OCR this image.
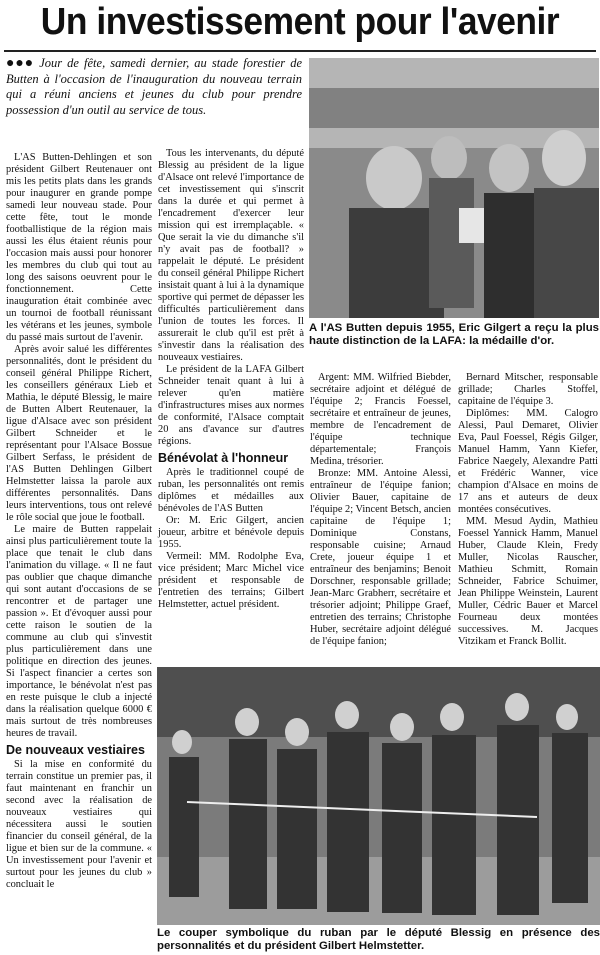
Un investissement pour l'avenir
●●● Jour de fête, samedi dernier, au stade forestier de Butten à l'occasion de l'inauguration du nouveau terrain qui a réuni anciens et jeunes du club pour prendre possession d'un outil au service de tous.

L'AS Butten-Dehlingen et son président Gilbert Reutenauer ont mis les petits plats dans les grands pour inaugurer en grande pompe samedi leur nouveau stade. Pour cette fête, tout le monde footballistique de la région mais aussi les élus étaient réunis pour l'occasion mais aussi pour honorer les membres du club qui tout au long des saisons oeuvrent pour le fonctionnement. Cette inauguration était combinée avec un tournoi de football réunissant les vétérans et les jeunes, symbole du passé mais surtout de l'avenir.

Après avoir salué les différentes personnalités, dont le président du conseil général Philippe Richert, les conseillers généraux Lieb et Mathia, le député Blessig, le maire de Butten Albert Reutenauer, la ligue d'Alsace avec son président Gilbert Schneider et le représentant pour l'Alsace Bossue Gilbert Serfass, le président de l'AS Butten Dehlingen Gilbert Helmstetter laissa la parole aux différentes personnalités. Dans leurs interventions, tous ont relevé le rôle social que joue le football.

Le maire de Butten rappelait ainsi plus particulièrement toute la place que tenait le club dans l'animation du village. « Il ne faut pas oublier que chaque dimanche qui sont autant d'occasions de se rencontrer et de partager une passion ». Et d'évoquer aussi pour cette raison le soutien de la commune au club qui s'investit plus particulièrement dans une politique en direction des jeunes. Si l'aspect financier a certes son importance, le bénévolat n'est pas en reste puisque le club a injecté dans la réalisation quelque 6000 € mais surtout de très nombreuses heures de travail.

De nouveaux vestiaires

Si la mise en conformité du terrain constitue un premier pas, il faut maintenant en franchir un second avec la réalisation de nouveaux vestiaires qui nécessitera aussi le soutien financier du conseil général, de la ligue et bien sur de la commune. « Un investissement pour l'avenir et surtout pour les jeunes du club » concluait le

Tous les intervenants, du député Blessig au président de la ligue d'Alsace ont relevé l'importance de cet investissement qui s'inscrit dans la durée et qui permet à l'encadrement d'exercer leur mission qui est irremplaçable. « Que serait la vie du dimanche s'il n'y avait pas de football? » rappelait le député. Le président du conseil général Philippe Richert insistait quant à lui à la dynamique sportive qui permet de dépasser les difficultés particulièrement dans l'union de toutes les forces. Il assurerait le club qu'il est prêt à s'investir dans la réalisation des nouveaux vestiaires.

Le président de la LAFA Gilbert Schneider tenait quant à lui à relever qu'en matière d'infrastructures mises aux normes de conformité, l'Alsace comptait 20 ans d'avance sur d'autres régions.

Bénévolat à l'honneur

Après le traditionnel coupé de ruban, les personnalités ont remis diplômes et médailles aux bénévoles de l'AS Butten

Or: M. Eric Gilgert, ancien joueur, arbitre et bénévole depuis 1955.

Vermeil: MM. Rodolphe Eva, vice président; Marc Michel vice président et responsable de l'entretien des terrains; Gilbert Helmstetter, actuel président.

A l'AS Butten depuis 1955, Eric Gilgert a reçu la plus haute distinction de la LAFA: la médaille d'or.

Argent: MM. Wilfried Biebder, secrétaire adjoint et délégué de l'équipe 2; Francis Foessel, secrétaire et entraîneur de jeunes, membre de l'encadrement de l'équipe technique départementale; François Medina, trésorier.

Bronze: MM. Antoine Alessi, entraîneur de l'équipe fanion; Olivier Bauer, capitaine de l'équipe 2; Vincent Betsch, ancien capitaine de l'équipe 1; Dominique Constans, responsable cuisine; Arnaud Crete, joueur équipe 1 et entraîneur des benjamins; Benoit Dorschner, responsable grillade; Jean-Marc Grabherr, secrétaire et trésorier adjoint; Philippe Graef, entretien des terrains; Christophe Huber, secrétaire adjoint délégué de l'équipe fanion;

Bernard Mitscher, responsable grillade; Charles Stoffel, capitaine de l'équipe 3.

Diplômes: MM. Calogro Alessi, Paul Demaret, Olivier Eva, Paul Foessel, Régis Gilger, Manuel Hamm, Yann Kiefer, Fabrice Naegely, Alexandre Patti et Frédéric Wanner, vice champion d'Alsace en moins de 17 ans et auteurs de deux montées consécutives.

MM. Mesud Aydin, Mathieu Foessel Yannick Hamm, Manuel Huber, Claude Klein, Fredy Muller, Nicolas Rauscher, Mathieu Schmitt, Romain Schneider, Fabrice Schuimer, Jean Philippe Weinstein, Laurent Muller, Cédric Bauer et Marcel Fourneau deux montées successives. M. Jacques Vitzikam et Franck Bollit.

Le couper symbolique du ruban par le député Blessig en présence des personnalités et du président Gilbert Helmstetter.
